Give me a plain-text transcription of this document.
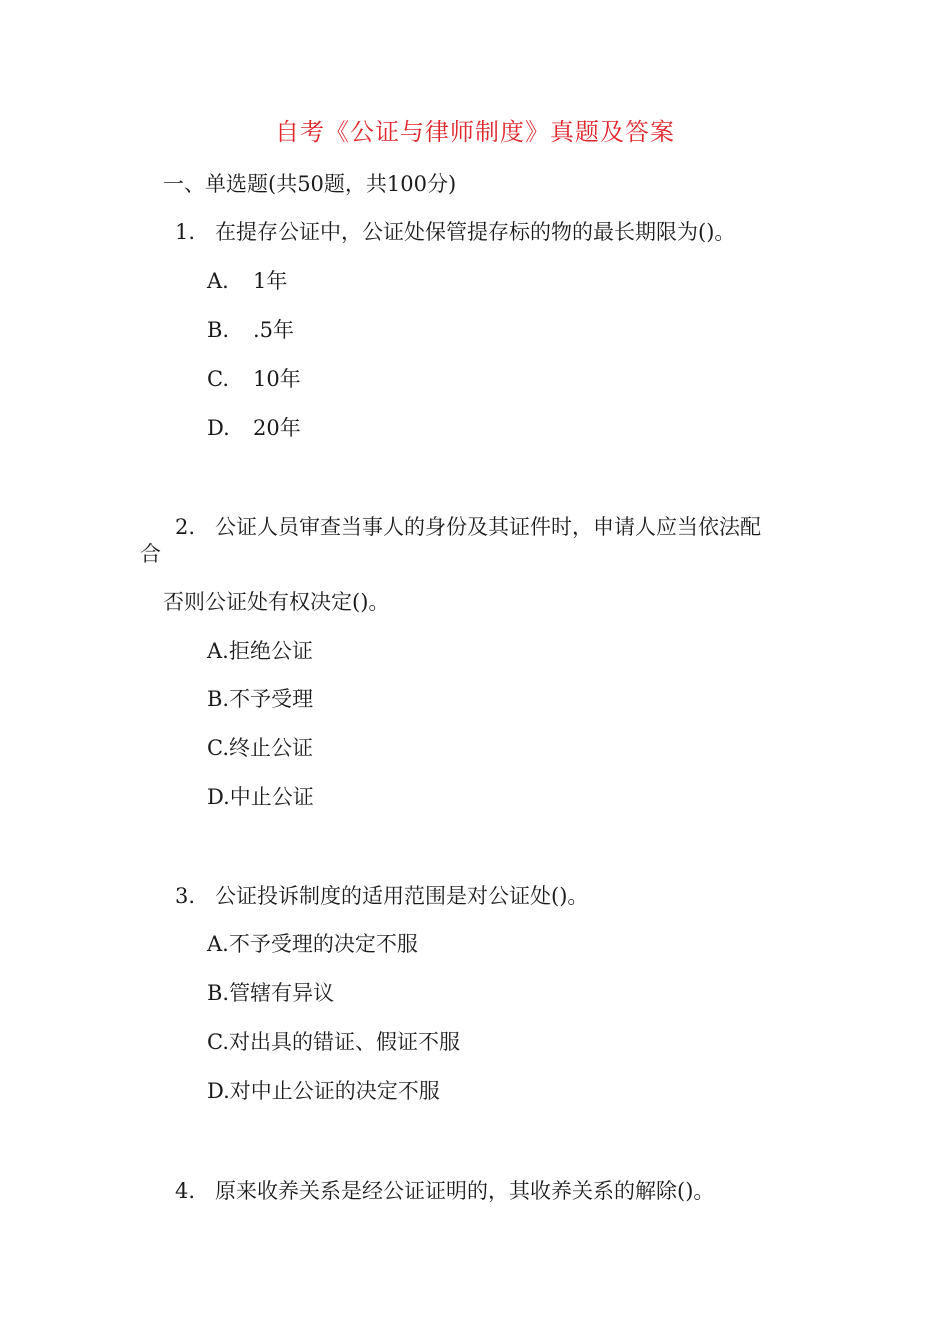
自考《公证与律师制度》真题及答案
一、单选题(共50题，共100分)
1. 在提存公证中，公证处保管提存标的物的最长期限为()。
A. 1年
B. .5年
C. 10年
D. 20年
2. 公证人员审查当事人的身份及其证件时，申请人应当依法配
合
否则公证处有权决定()。
A.拒绝公证
B.不予受理
C.终止公证
D.中止公证
3. 公证投诉制度的适用范围是对公证处()。
A.不予受理的决定不服
B.管辖有异议
C.对出具的错证、假证不服
D.对中止公证的决定不服
4. 原来收养关系是经公证证明的，其收养关系的解除()。
